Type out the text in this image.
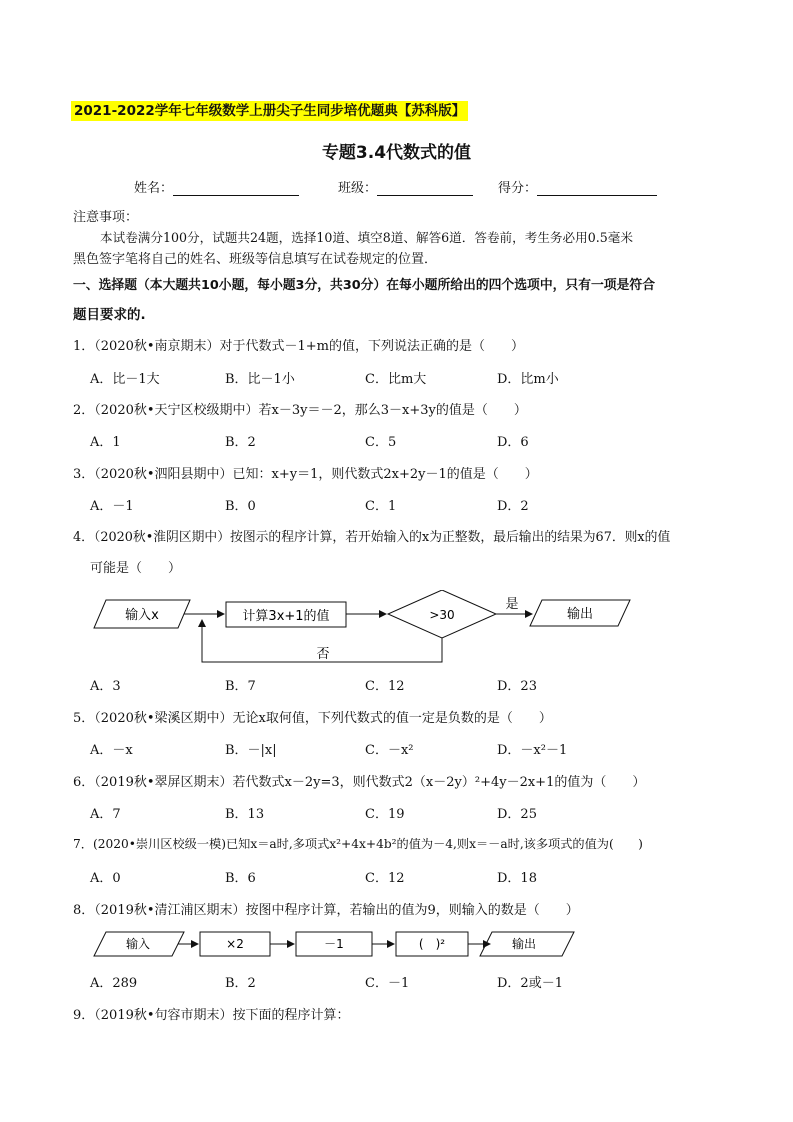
2021-2022学年七年级数学上册尖子生同步培优题典【苏科版】
专题3.4代数式的值
姓名：	班级：	得分：
注意事项：
本试卷满分100分，试题共24题，选择10道、填空8道、解答6道．答卷前，考生务必用0.5毫米
黑色签字笔将自己的姓名、班级等信息填写在试卷规定的位置．
一、选择题（本大题共10小题，每小题3分，共30分）在每小题所给出的四个选项中，只有一项是符合
题目要求的.
1．（2020秋•南京期末）对于代数式－1+m的值，下列说法正确的是（　　）
A．比－1大	B．比－1小	C．比m大	D．比m小
2．（2020秋•天宁区校级期中）若x－3y＝－2，那么3－x+3y的值是（　　）
A．1	B．2	C．5	D．6
3．（2020秋•泗阳县期中）已知：x+y＝1，则代数式2x+2y－1的值是（　　）
A．－1	B．0	C．1	D．2
4．（2020秋•淮阴区期中）按图示的程序计算，若开始输入的x为正整数，最后输出的结果为67．则x的值
可能是（　　）
输入x	计算3x+1的值	>30
是
输出
否
A．3	B．7	C．12	D．23
5．（2020秋•梁溪区期中）无论x取何值，下列代数式的值一定是负数的是（　　）
A．－x	B．－|x|	C．－x²	D．－x²－1
6．（2019秋•翠屏区期末）若代数式x－2y=3，则代数式2（x－2y）²+4y－2x+1的值为（　　）
A．7	B．13	C．19	D．25
7．(2020•崇川区校级一模)已知x＝a时,多项式x²+4x+4b²的值为－4,则x＝－a时,该多项式的值为(　　)
A．0	B．6	C．12	D．18
8．（2019秋•清江浦区期末）按图中程序计算，若输出的值为9，则输入的数是（　　）
输入	×2	－1	(　)²	输出
A．289	B．2	C．－1	D．2或－1
9．（2019秋•句容市期末）按下面的程序计算：
